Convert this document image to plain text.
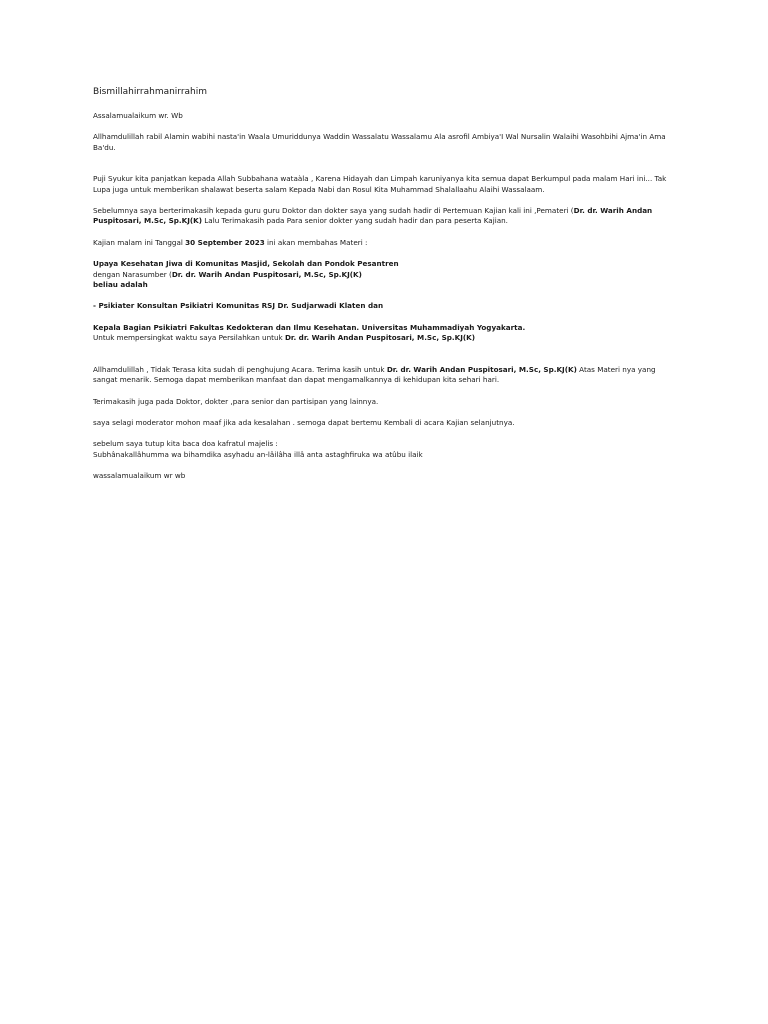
Bismillahirrahmanirrahim

Assalamualaikum wr. Wb

Allhamdulillah rabil Alamin wabihi nasta'in Waala Umuriddunya Waddin Wassalatu Wassalamu Ala asrofil Ambiya'I Wal Nursalin Walaihi Wasohbihi Ajma'in Ama Ba'du.

Puji Syukur kita panjatkan kepada Allah Subbahana wataàla , Karena Hidayah dan Limpah karuniyanya kita semua dapat Berkumpul pada malam Hari ini... Tak Lupa juga untuk memberikan shalawat beserta salam Kepada Nabi dan Rosul Kita Muhammad Shalallaahu Alaihi Wassalaam.

Sebelumnya saya berterimakasih kepada guru guru Doktor dan dokter saya yang sudah hadir di Pertemuan Kajian kali ini ,Pemateri (Dr. dr. Warih Andan Puspitosari, M.Sc, Sp.KJ(K) Lalu Terimakasih pada Para senior dokter yang sudah hadir dan para peserta Kajian.

Kajian malam ini Tanggal 30 September 2023 ini akan membahas Materi :

Upaya Kesehatan Jiwa di Komunitas Masjid, Sekolah dan Pondok Pesantren

dengan Narasumber (Dr. dr. Warih Andan Puspitosari, M.Sc, Sp.KJ(K)

beliau adalah

- Psikiater Konsultan Psikiatri Komunitas RSJ Dr. Sudjarwadi Klaten dan

Kepala Bagian Psikiatri Fakultas Kedokteran dan Ilmu Kesehatan. Universitas Muhammadiyah Yogyakarta.

Untuk mempersingkat waktu saya Persilahkan untuk Dr. dr. Warih Andan Puspitosari, M.Sc, Sp.KJ(K)

Allhamdulillah , Tidak Terasa kita sudah di penghujung Acara. Terima kasih untuk Dr. dr. Warih Andan Puspitosari, M.Sc, Sp.KJ(K) Atas Materi nya yang sangat menarik. Semoga dapat memberikan manfaat dan dapat mengamalkannya di kehidupan kita sehari hari.

Terimakasih juga pada Doktor, dokter ,para senior dan partisipan yang lainnya.

saya selagi moderator mohon maaf jika ada kesalahan . semoga dapat bertemu Kembali di acara Kajian selanjutnya.

sebelum saya tutup kita baca doa kafratul majelis :

Subhânakallâhumma wa bihamdika asyhadu an-lâilâha illâ anta astaghfiruka wa atûbu ilaik

wassalamualaikum wr wb
